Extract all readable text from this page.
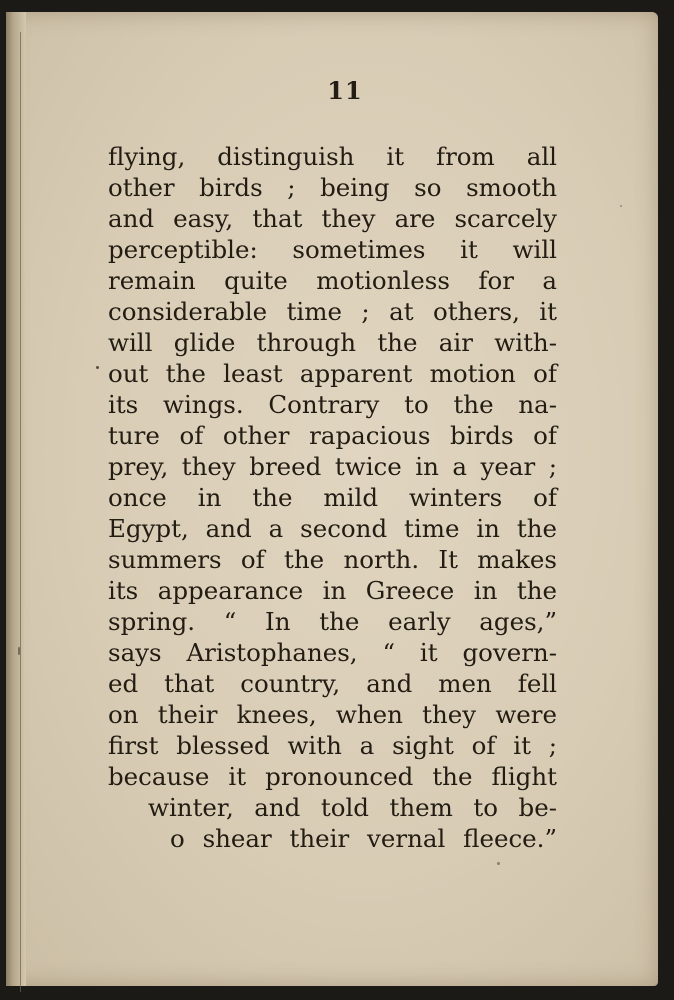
11
flying, distinguish it from all
other birds ; being so smooth
and easy, that they are scarcely
perceptible: sometimes it will
remain quite motionless for a
considerable time ; at others, it
will glide through the air with-
out the least apparent motion of
its wings. Contrary to the na-
ture of other rapacious birds of
prey, they breed twice in a year ;
once in the mild winters of
Egypt, and a second time in the
summers of the north. It makes
its appearance in Greece in the
spring. “ In the early ages,”
says Aristophanes, “ it govern-
ed that country, and men fell
on their knees, when they were
first blessed with a sight of it ;
because it pronounced the flight
winter, and told them to be-
o shear their vernal fleece.”
